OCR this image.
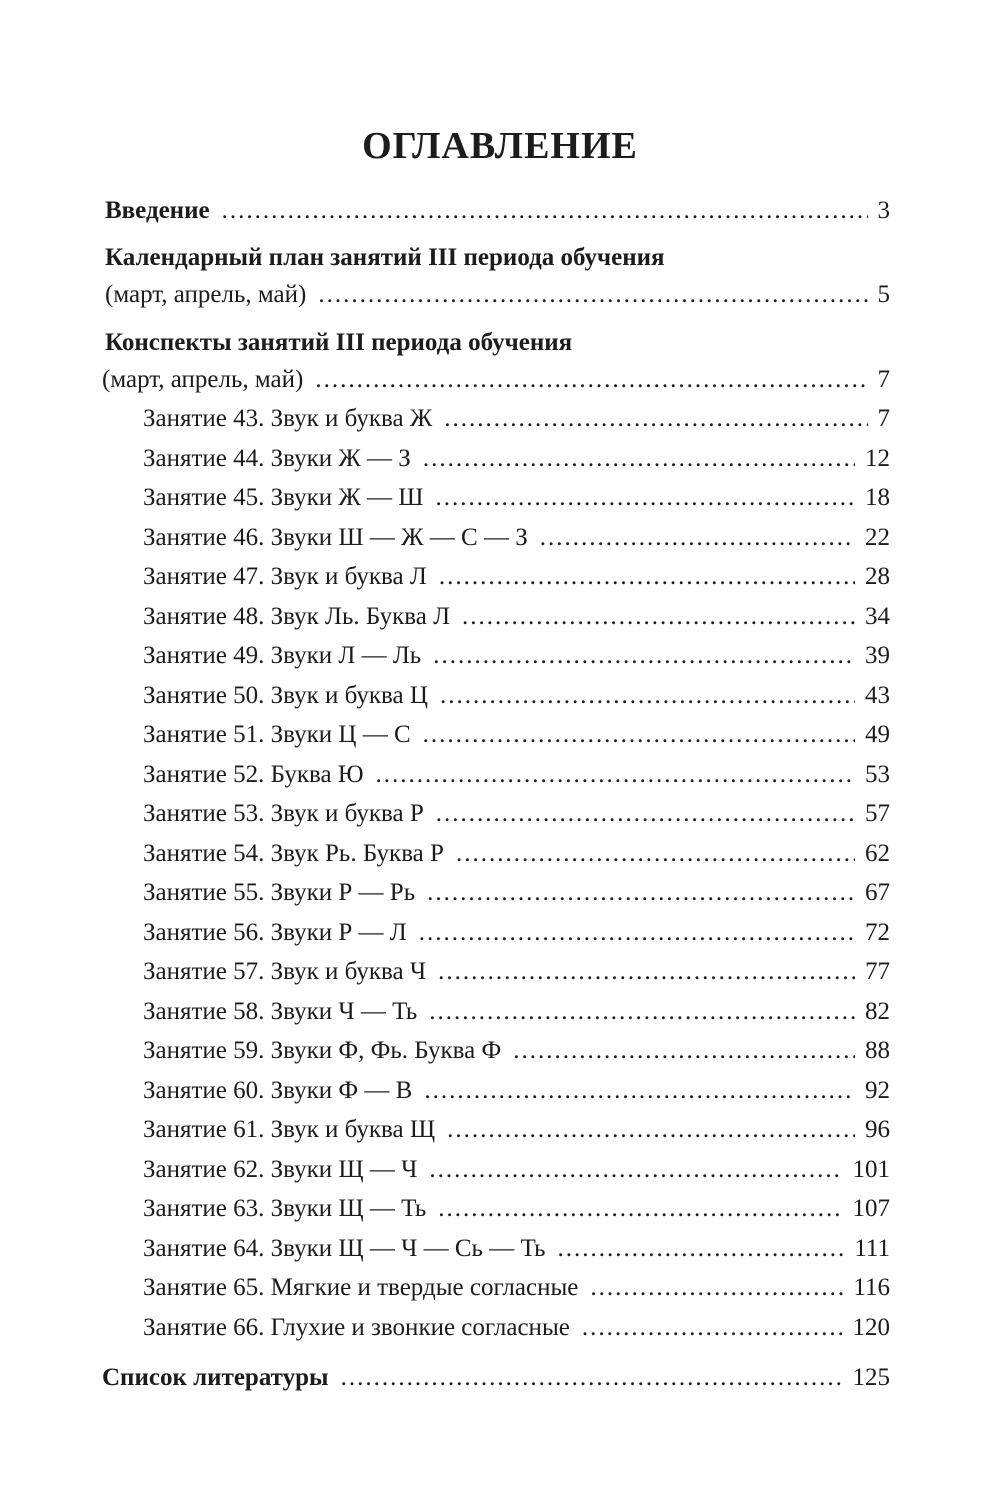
ОГЛАВЛЕНИЕ
Введение .....	3
Календарный план занятий III периода обучения
(март, апрель, май) .....	5
Конспекты занятий III периода обучения
(март, апрель, май) .....	7
Занятие 43. Звук и буква Ж .....	7
Занятие 44. Звуки Ж — З .....	12
Занятие 45. Звуки Ж — Ш .....	18
Занятие 46. Звуки Ш — Ж — С — З .....	22
Занятие 47. Звук и буква Л .....	28
Занятие 48. Звук Ль. Буква Л .....	34
Занятие 49. Звуки Л — Ль .....	39
Занятие 50. Звук и буква Ц .....	43
Занятие 51. Звуки Ц — С .....	49
Занятие 52. Буква Ю .....	53
Занятие 53. Звук и буква Р .....	57
Занятие 54. Звук Рь. Буква Р .....	62
Занятие 55. Звуки Р — Рь .....	67
Занятие 56. Звуки Р — Л .....	72
Занятие 57. Звук и буква Ч .....	77
Занятие 58. Звуки Ч — Ть .....	82
Занятие 59. Звуки Ф, Фь. Буква Ф .....	88
Занятие 60. Звуки Ф — В .....	92
Занятие 61. Звук и буква Щ .....	96
Занятие 62. Звуки Щ — Ч .....	101
Занятие 63. Звуки Щ — Ть .....	107
Занятие 64. Звуки Щ — Ч — Сь — Ть .....	111
Занятие 65. Мягкие и твердые согласные .....	116
Занятие 66. Глухие и звонкие согласные .....	120
Список литературы .....	125
